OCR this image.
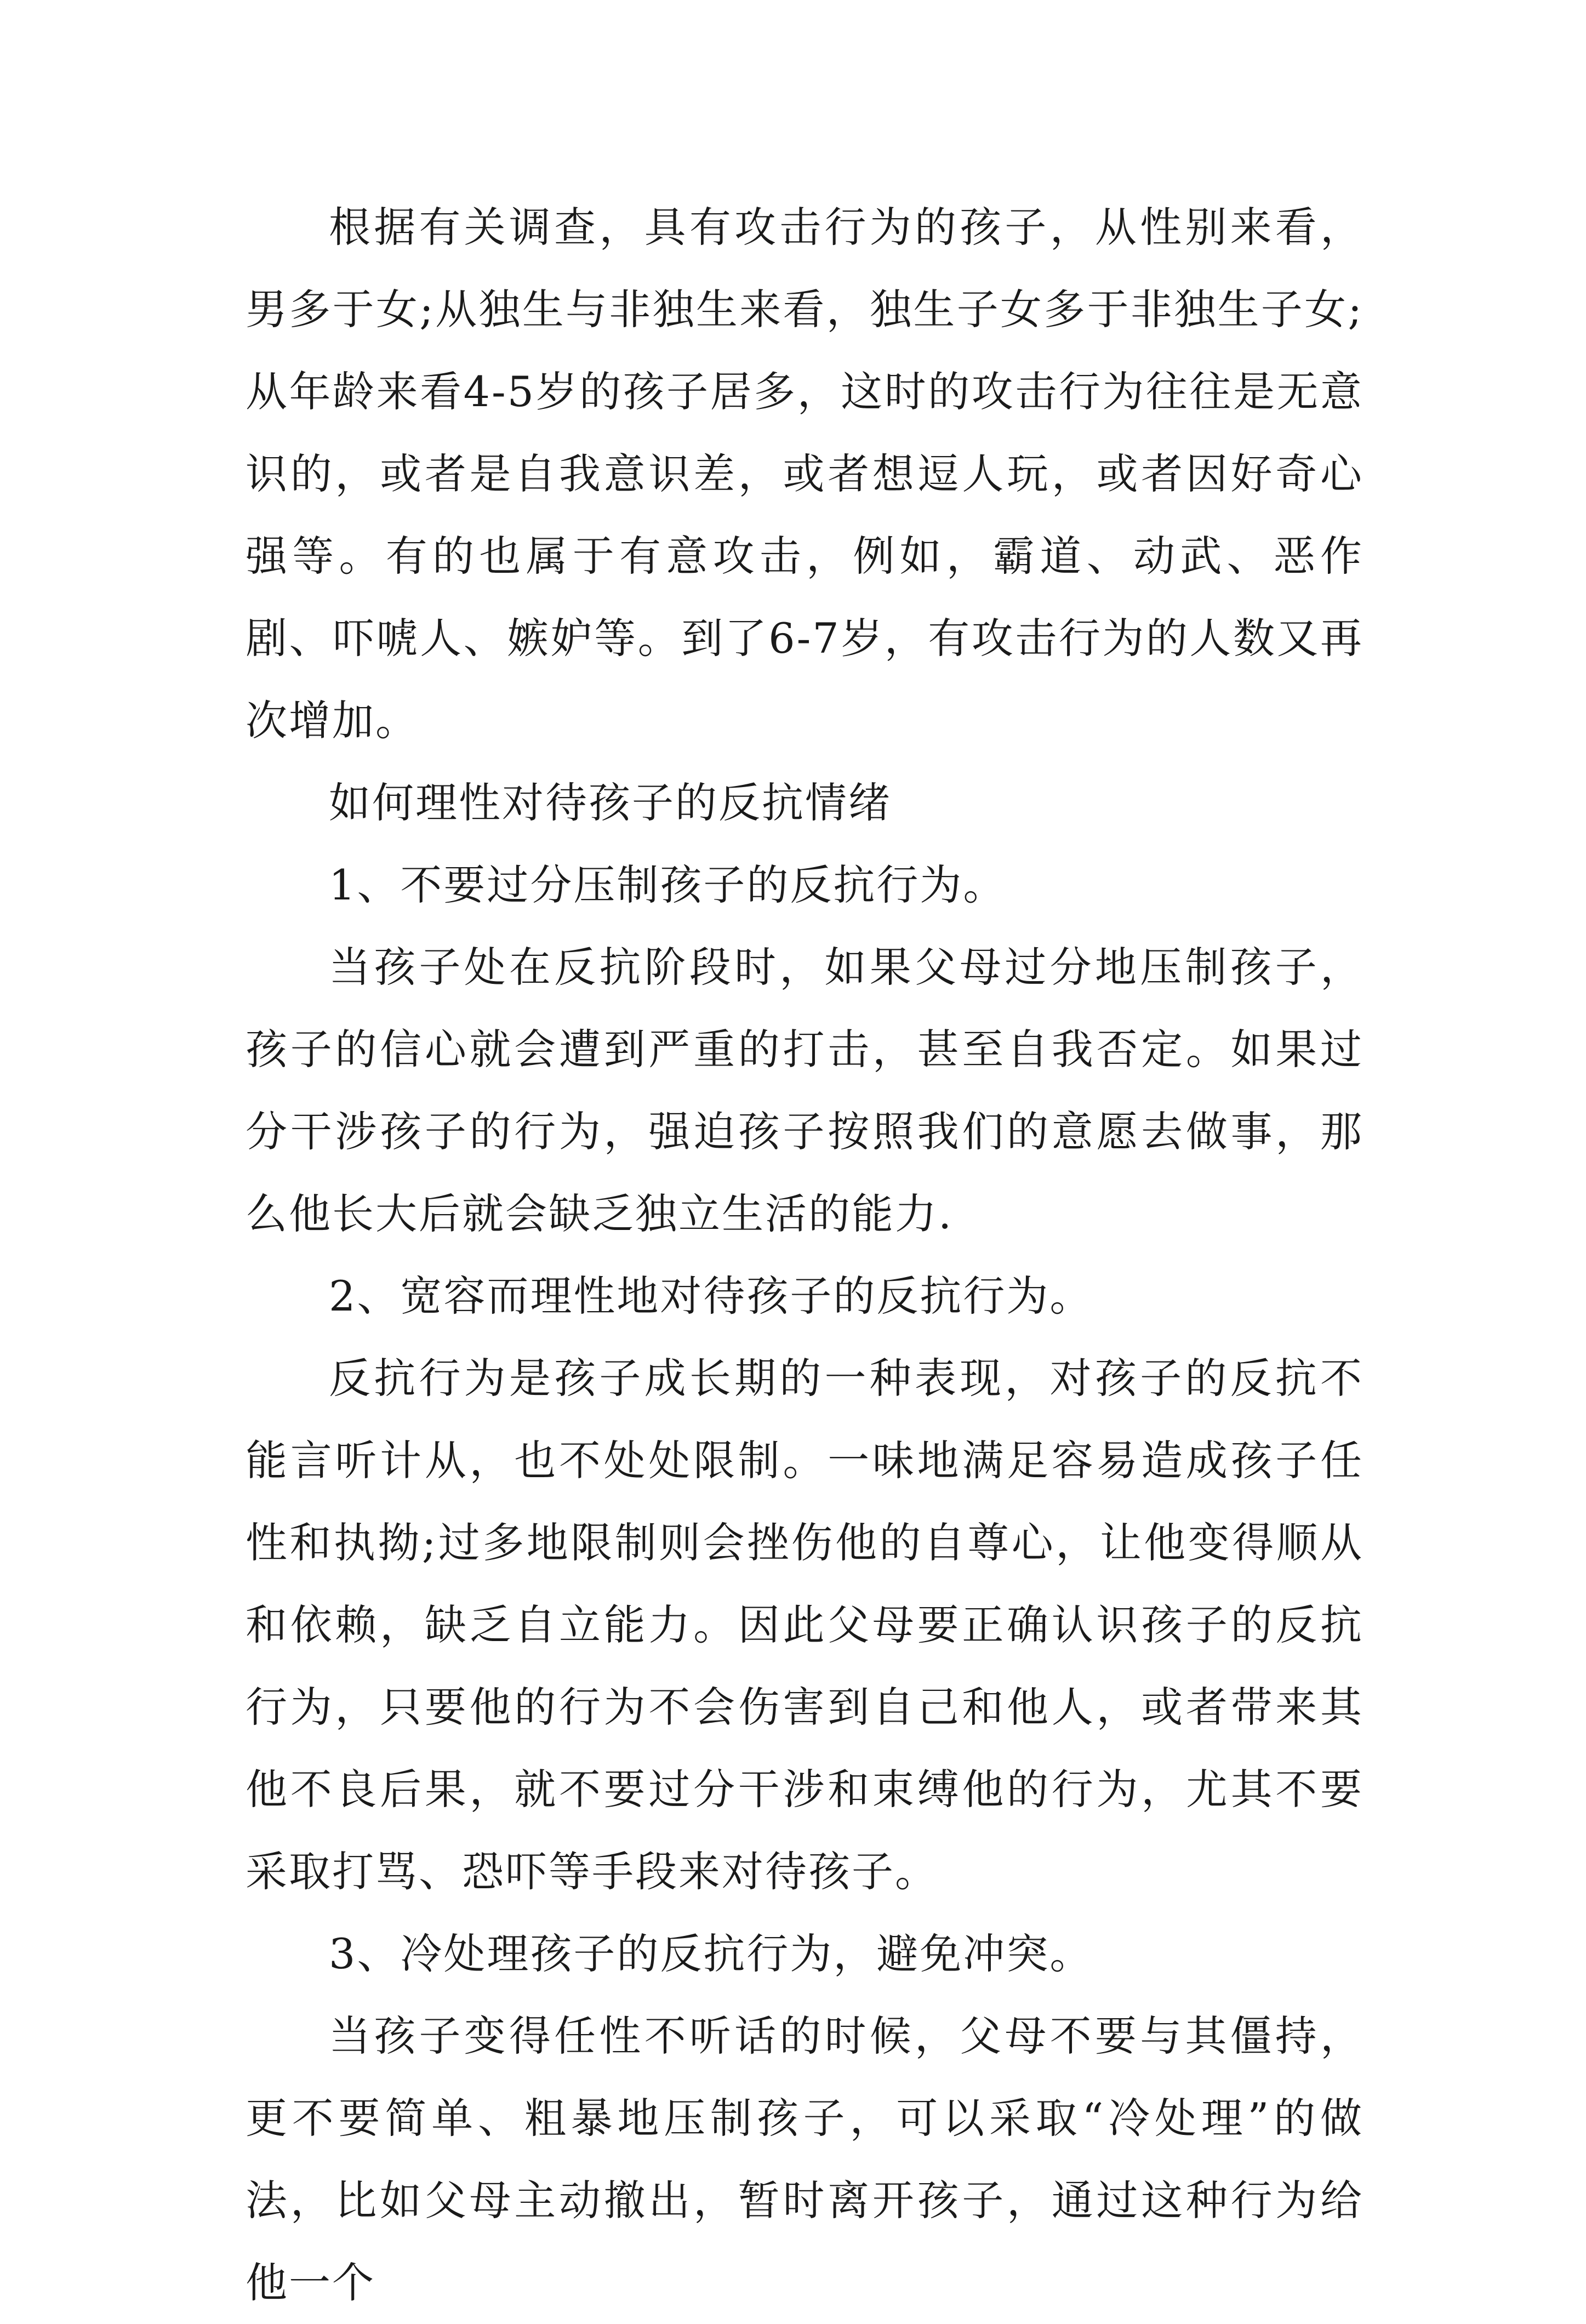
根据有关调查，具有攻击行为的孩子，从性别来看，男多于女;从独生与非独生来看，独生子女多于非独生子女;从年龄来看4-5岁的孩子居多，这时的攻击行为往往是无意识的，或者是自我意识差，或者想逗人玩，或者因好奇心强等。有的也属于有意攻击，例如，霸道、动武、恶作剧、吓唬人、嫉妒等。到了6-7岁，有攻击行为的人数又再次增加。

如何理性对待孩子的反抗情绪

1、不要过分压制孩子的反抗行为。

当孩子处在反抗阶段时，如果父母过分地压制孩子，孩子的信心就会遭到严重的打击，甚至自我否定。如果过分干涉孩子的行为，强迫孩子按照我们的意愿去做事，那么他长大后就会缺乏独立生活的能力.

2、宽容而理性地对待孩子的反抗行为。

反抗行为是孩子成长期的一种表现，对孩子的反抗不能言听计从，也不处处限制。一味地满足容易造成孩子任性和执拗;过多地限制则会挫伤他的自尊心，让他变得顺从和依赖，缺乏自立能力。因此父母要正确认识孩子的反抗行为，只要他的行为不会伤害到自己和他人，或者带来其他不良后果，就不要过分干涉和束缚他的行为，尤其不要采取打骂、恐吓等手段来对待孩子。

3、冷处理孩子的反抗行为，避免冲突。

当孩子变得任性不听话的时候，父母不要与其僵持，更不要简单、粗暴地压制孩子，可以采取“冷处理”的做法，比如父母主动撤出，暂时离开孩子，通过这种行为给他一个
